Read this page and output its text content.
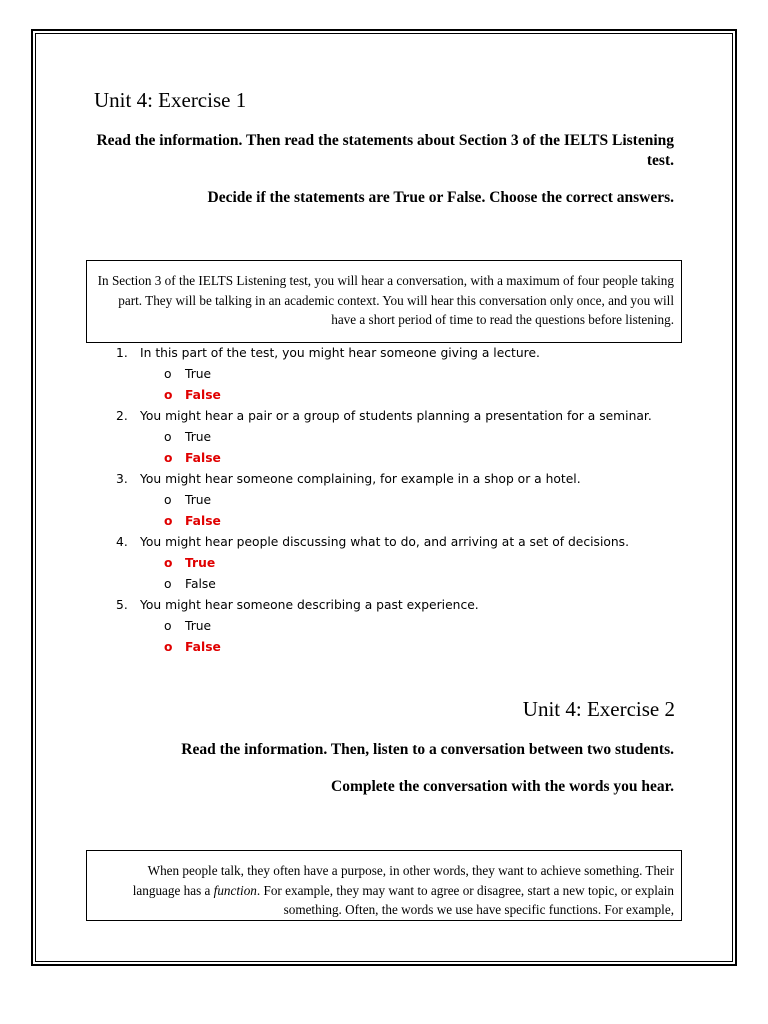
Unit 4: Exercise 1
Read the information. Then read the statements about Section 3 of the IELTS Listening test.
Decide if the statements are True or False. Choose the correct answers.
In Section 3 of the IELTS Listening test, you will hear a conversation, with a maximum of four people taking part. They will be talking in an academic context. You will hear this conversation only once, and you will have a short period of time to read the questions before listening.
1. In this part of the test, you might hear someone giving a lecture.
o True
o False
2. You might hear a pair or a group of students planning a presentation for a seminar.
o True
o False
3. You might hear someone complaining, for example in a shop or a hotel.
o True
o False
4. You might hear people discussing what to do, and arriving at a set of decisions.
o True
o False
5. You might hear someone describing a past experience.
o True
o False
Unit 4: Exercise 2
Read the information. Then, listen to a conversation between two students.
Complete the conversation with the words you hear.
When people talk, they often have a purpose, in other words, they want to achieve something. Their language has a function. For example, they may want to agree or disagree, start a new topic, or explain something. Often, the words we use have specific functions. For example,
